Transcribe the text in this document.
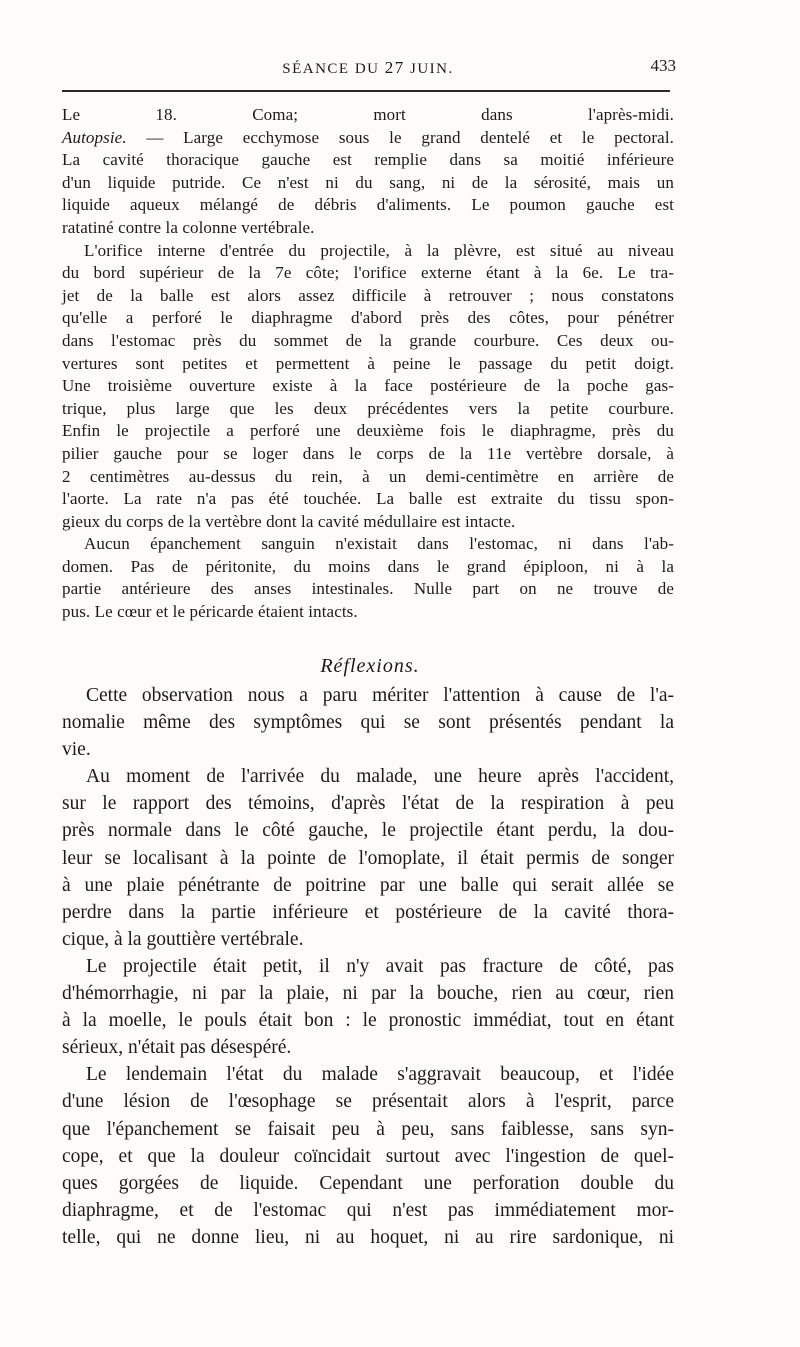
SÉANCE DU 27 JUIN.	433

Le 18. Coma; mort dans l'après-midi.

Autopsie. — Large ecchymose sous le grand dentelé et le pectoral.

La cavité thoracique gauche est remplie dans sa moitié inférieure

d'un liquide putride. Ce n'est ni du sang, ni de la sérosité, mais un

liquide aqueux mélangé de débris d'aliments. Le poumon gauche est

ratatiné contre la colonne vertébrale.

L'orifice interne d'entrée du projectile, à la plèvre, est situé au niveau

du bord supérieur de la 7e côte; l'orifice externe étant à la 6e. Le tra-

jet de la balle est alors assez difficile à retrouver ; nous constatons

qu'elle a perforé le diaphragme d'abord près des côtes, pour pénétrer

dans l'estomac près du sommet de la grande courbure. Ces deux ou-

vertures sont petites et permettent à peine le passage du petit doigt.

Une troisième ouverture existe à la face postérieure de la poche gas-

trique, plus large que les deux précédentes vers la petite courbure.

Enfin le projectile a perforé une deuxième fois le diaphragme, près du

pilier gauche pour se loger dans le corps de la 11e vertèbre dorsale, à

2 centimètres au-dessus du rein, à un demi-centimètre en arrière de

l'aorte. La rate n'a pas été touchée. La balle est extraite du tissu spon-

gieux du corps de la vertèbre dont la cavité médullaire est intacte.

Aucun épanchement sanguin n'existait dans l'estomac, ni dans l'ab-

domen. Pas de péritonite, du moins dans le grand épiploon, ni à la

partie antérieure des anses intestinales. Nulle part on ne trouve de

pus. Le cœur et le péricarde étaient intacts.

Réflexions.

Cette observation nous a paru mériter l'attention à cause de l'a-

nomalie même des symptômes qui se sont présentés pendant la

vie.

Au moment de l'arrivée du malade, une heure après l'accident,

sur le rapport des témoins, d'après l'état de la respiration à peu

près normale dans le côté gauche, le projectile étant perdu, la dou-

leur se localisant à la pointe de l'omoplate, il était permis de songer

à une plaie pénétrante de poitrine par une balle qui serait allée se

perdre dans la partie inférieure et postérieure de la cavité thora-

cique, à la gouttière vertébrale.

Le projectile était petit, il n'y avait pas fracture de côté, pas

d'hémorrhagie, ni par la plaie, ni par la bouche, rien au cœur, rien

à la moelle, le pouls était bon : le pronostic immédiat, tout en étant

sérieux, n'était pas désespéré.

Le lendemain l'état du malade s'aggravait beaucoup, et l'idée

d'une lésion de l'œsophage se présentait alors à l'esprit, parce

que l'épanchement se faisait peu à peu, sans faiblesse, sans syn-

cope, et que la douleur coïncidait surtout avec l'ingestion de quel-

ques gorgées de liquide. Cependant une perforation double du

diaphragme, et de l'estomac qui n'est pas immédiatement mor-

telle, qui ne donne lieu, ni au hoquet, ni au rire sardonique, ni
